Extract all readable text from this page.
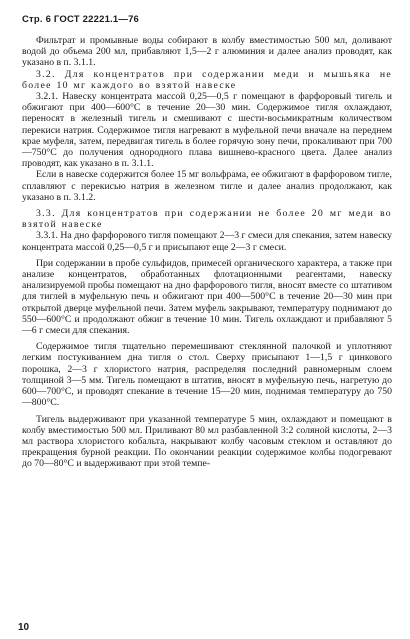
Стр. 6 ГОСТ 22221.1—76

Фильтрат и промывные воды собирают в колбу вместимостью 500 мл, доливают водой до объема 200 мл, прибавляют 1,5—2 г алюминия и далее анализ проводят, как указано в п. 3.1.1.

3.2. Для концентратов при содержании меди и мышьяка не более 10 мг каждого во взятой навеске

3.2.1. Навеску концентрата массой 0,25—0,5 г помещают в фарфоровый тигель и обжигают при 400—600°С в течение 20—30 мин. Содержимое тигля охлаждают, переносят в железный тигель и смешивают с шести-восьмикратным количеством перекиси натрия. Содержимое тигля нагревают в муфельной печи вначале на переднем крае муфеля, затем, передвигая тигель в более горячую зону печи, прокаливают при 700—750°С до получения однородного плава вишнево-красного цвета. Далее анализ проводят, как указано в п. 3.1.1.

Если в навеске содержится более 15 мг вольфрама, ее обжигают в фарфоровом тигле, сплавляют с перекисью натрия в железном тигле и далее анализ продолжают, как указано в п. 3.1.2.

3.3. Для концентратов при содержании не более 20 мг меди во взятой навеске

3.3.1. На дно фарфорового тигля помещают 2—3 г смеси для спекания, затем навеску концентрата массой 0,25—0,5 г и присыпают еще 2—3 г смеси.

При содержании в пробе сульфидов, примесей органического характера, а также при анализе концентратов, обработанных флотационными реагентами, навеску анализируемой пробы помещают на дно фарфорового тигля, вносят вместе со штативом для тиглей в муфельную печь и обжигают при 400—500°С в течение 20—30 мин при открытой дверце муфельной печи. Затем муфель закрывают, температуру поднимают до 550—600°С и продолжают обжиг в течение 10 мин. Тигель охлаждают и прибавляют 5—6 г смеси для спекания.

Содержимое тигля тщательно перемешивают стеклянной палочкой и уплотняют легким постукиванием дна тигля о стол. Сверху присыпают 1—1,5 г цинкового порошка, 2—3 г хлористого натрия, распределяя последний равномерным слоем толщиной 3—5 мм. Тигель помещают в штатив, вносят в муфельную печь, нагретую до 600—700°С, и проводят спекание в течение 15—20 мин, поднимая температуру до 750—800°С.

Тигель выдерживают при указанной температуре 5 мин, охлаждают и помещают в колбу вместимостью 500 мл. Приливают 80 мл разбавленной 3:2 соляной кислоты, 2—3 мл раствора хлористого кобальта, накрывают колбу часовым стеклом и оставляют до прекращения бурной реакции. По окончании реакции содержимое колбы подогревают до 70—80°С и выдерживают при этой темпе-

10
